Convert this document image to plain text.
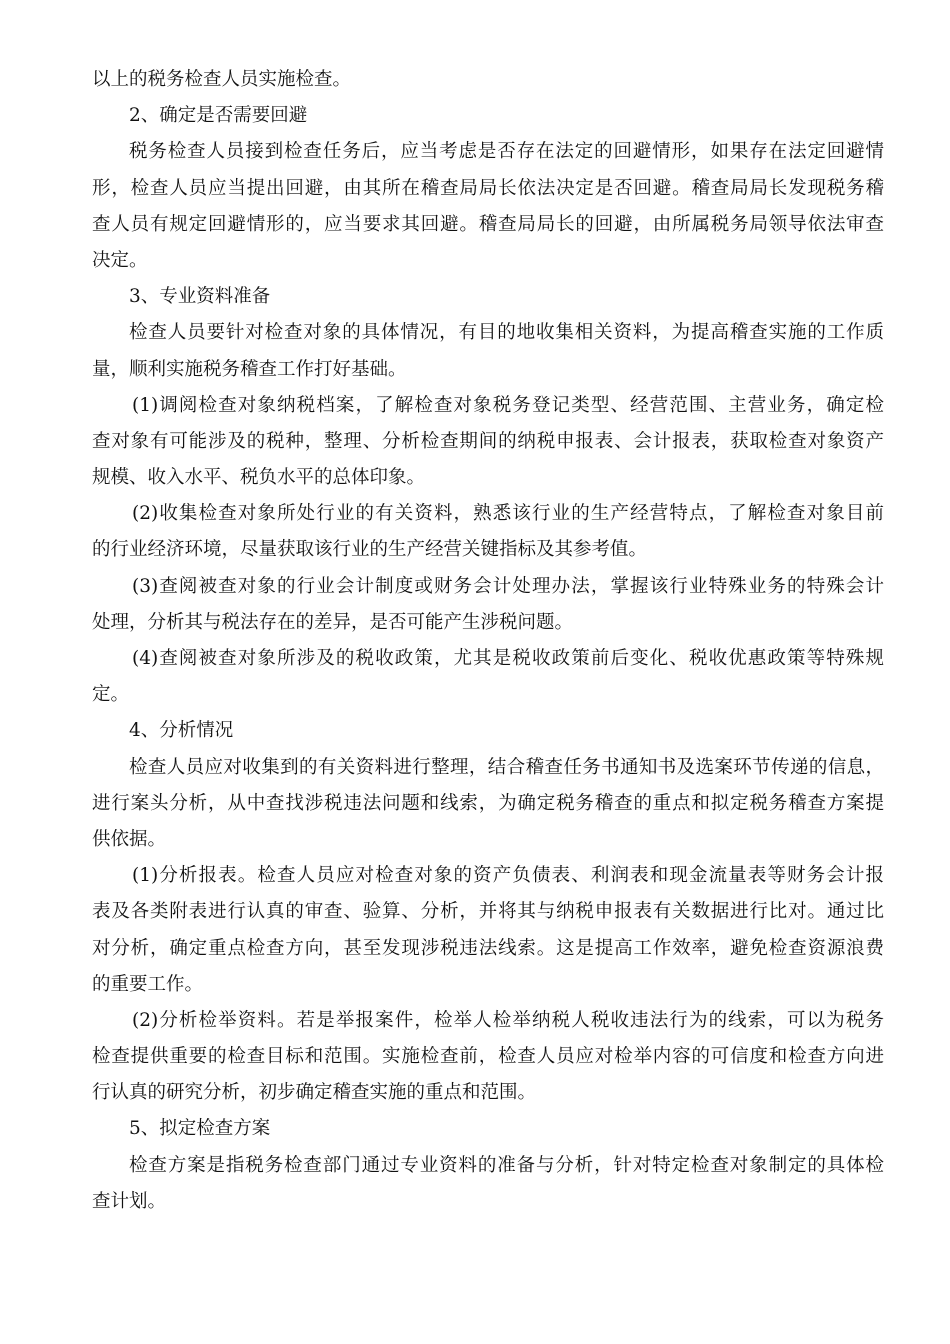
以上的税务检查人员实施检查。
2、确定是否需要回避
税务检查人员接到检查任务后，应当考虑是否存在法定的回避情形，如果存在法定回避情
形，检查人员应当提出回避，由其所在稽查局局长依法决定是否回避。稽查局局长发现税务稽
查人员有规定回避情形的，应当要求其回避。稽查局局长的回避，由所属税务局领导依法审查
决定。
3、专业资料准备
检查人员要针对检查对象的具体情况，有目的地收集相关资料，为提高稽查实施的工作质
量，顺利实施税务稽查工作打好基础。
(1)调阅检查对象纳税档案，了解检查对象税务登记类型、经营范围、主营业务，确定检
查对象有可能涉及的税种，整理、分析检查期间的纳税申报表、会计报表，获取检查对象资产
规模、收入水平、税负水平的总体印象。
(2)收集检查对象所处行业的有关资料，熟悉该行业的生产经营特点，了解检查对象目前
的行业经济环境，尽量获取该行业的生产经营关键指标及其参考值。
(3)查阅被查对象的行业会计制度或财务会计处理办法，掌握该行业特殊业务的特殊会计
处理，分析其与税法存在的差异，是否可能产生涉税问题。
(4)查阅被查对象所涉及的税收政策，尤其是税收政策前后变化、税收优惠政策等特殊规
定。
4、分析情况
检查人员应对收集到的有关资料进行整理，结合稽查任务书通知书及选案环节传递的信息，
进行案头分析，从中查找涉税违法问题和线索，为确定税务稽查的重点和拟定税务稽查方案提
供依据。
(1)分析报表。检查人员应对检查对象的资产负债表、利润表和现金流量表等财务会计报
表及各类附表进行认真的审查、验算、分析，并将其与纳税申报表有关数据进行比对。通过比
对分析，确定重点检查方向，甚至发现涉税违法线索。这是提高工作效率，避免检查资源浪费
的重要工作。
(2)分析检举资料。若是举报案件，检举人检举纳税人税收违法行为的线索，可以为税务
检查提供重要的检查目标和范围。实施检查前，检查人员应对检举内容的可信度和检查方向进
行认真的研究分析，初步确定稽查实施的重点和范围。
5、拟定检查方案
检查方案是指税务检查部门通过专业资料的准备与分析，针对特定检查对象制定的具体检
查计划。
